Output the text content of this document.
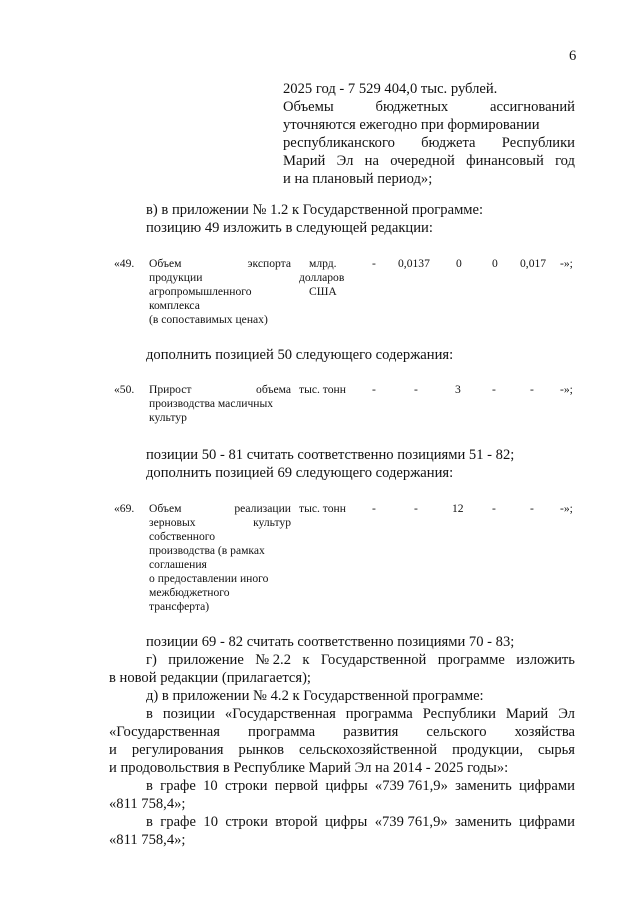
6
2025 год - 7 529 404,0 тыс. рублей.
Объемы	бюджетных	ассигнований
уточняются ежегодно при формировании
республиканского бюджета Республики
Марий Эл на очередной финансовый год
и на плановый период»;
в) в приложении № 1.2 к Государственной программе:
позицию 49 изложить в следующей редакции:
«49. Объем	экспорта
продукции
агропромышленного
комплекса
(в сопоставимых ценах)
млрд.
долларов
США
- 0,0137 0	0 0,017 -»;
дополнить позицией 50 следующего содержания:
«50. Прирост	объема
производства масличных
культур
тыс. тонн -	-	3	-	- -»;
позиции 50 - 81 считать соответственно позициями 51 - 82;
дополнить позицией 69 следующего содержания:
«69. Объем	реализации
зерновых	культур
собственного
производства (в рамках
соглашения
о предоставлении иного
межбюджетного
трансферта)
тыс. тонн -	-	12 -	- -»;
позиции 69 - 82 считать соответственно позициями 70 - 83;
г) приложение № 2.2 к Государственной программе изложить
в новой редакции (прилагается);
д) в приложении № 4.2 к Государственной программе:
в позиции «Государственная программа Республики Марий Эл
«Государственная программа развития сельского хозяйства
и регулирования рынков сельскохозяйственной продукции, сырья
и продовольствия в Республике Марий Эл на 2014 - 2025 годы»:
в графе 10 строки первой цифры «739 761,9» заменить цифрами
«811 758,4»;
в графе 10 строки второй цифры «739 761,9» заменить цифрами
«811 758,4»;
